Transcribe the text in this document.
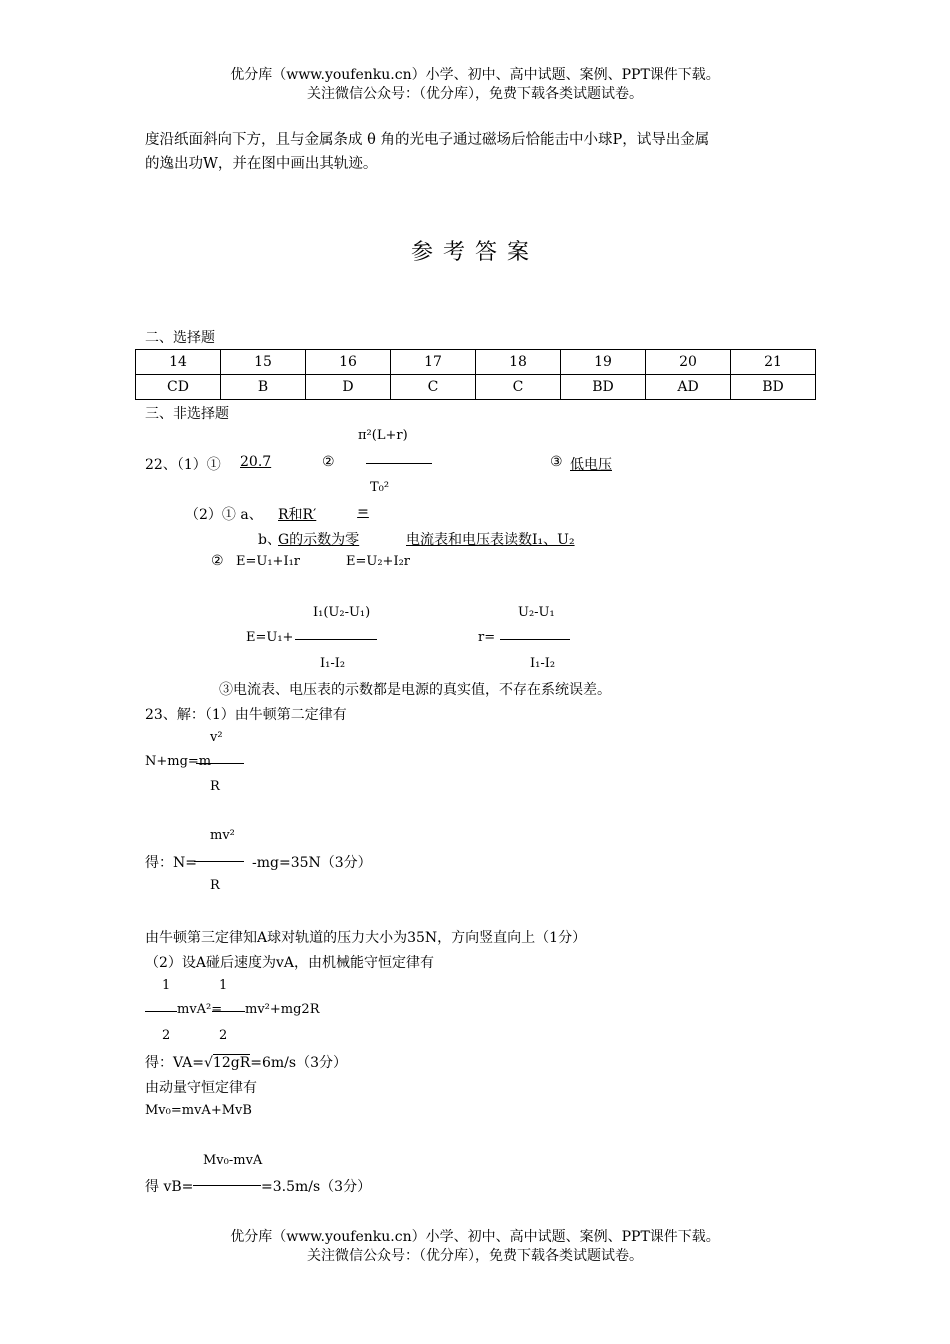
优分库（www.youfenku.cn）小学、初中、高中试题、案例、PPT课件下载。
关注微信公众号：（优分库），免费下载各类试题试卷。
度沿纸面斜向下方，且与金属条成 θ 角的光电子通过磁场后恰能击中小球P，试导出金属
的逸出功W，并在图中画出其轨迹。
参考答案
二、选择题
14	15	16	17	18	19	20	21
CD	B	D	C	C	BD	AD	BD
三、非选择题
π²(L+r)
22、（1）① 20.7	②	③ 低电压
T₀²
（2）① a、 R和R′	=
b、
G的示数为零	电流表和电压表读数I₁、U₂
② E=U₁+I₁r	E=U₂+I₂r
I₁(U₂-U₁)	U₂-U₁
E=U₁+	r=
I₁-I₂	I₁-I₂
③电流表、电压表的示数都是电源的真实值，不存在系统误差。
23、解：（1）由牛顿第二定律有
v²
N+mg=m
R
mv²
得：N=	-mg=35N（3分）
R
由牛顿第三定律知A球对轨道的压力大小为35N，方向竖直向上（1分）
（2）设A碰后速度为vA，由机械能守恒定律有
1	1
mvA²= mv²+mg2R
2	2
得：VA=√12gR=6m/s（3分）
由动量守恒定律有
Mv₀=mvA+MvB
Mv₀-mvA
得 vB=	=3.5m/s（3分）
优分库（www.youfenku.cn）小学、初中、高中试题、案例、PPT课件下载。
关注微信公众号：（优分库），免费下载各类试题试卷。
